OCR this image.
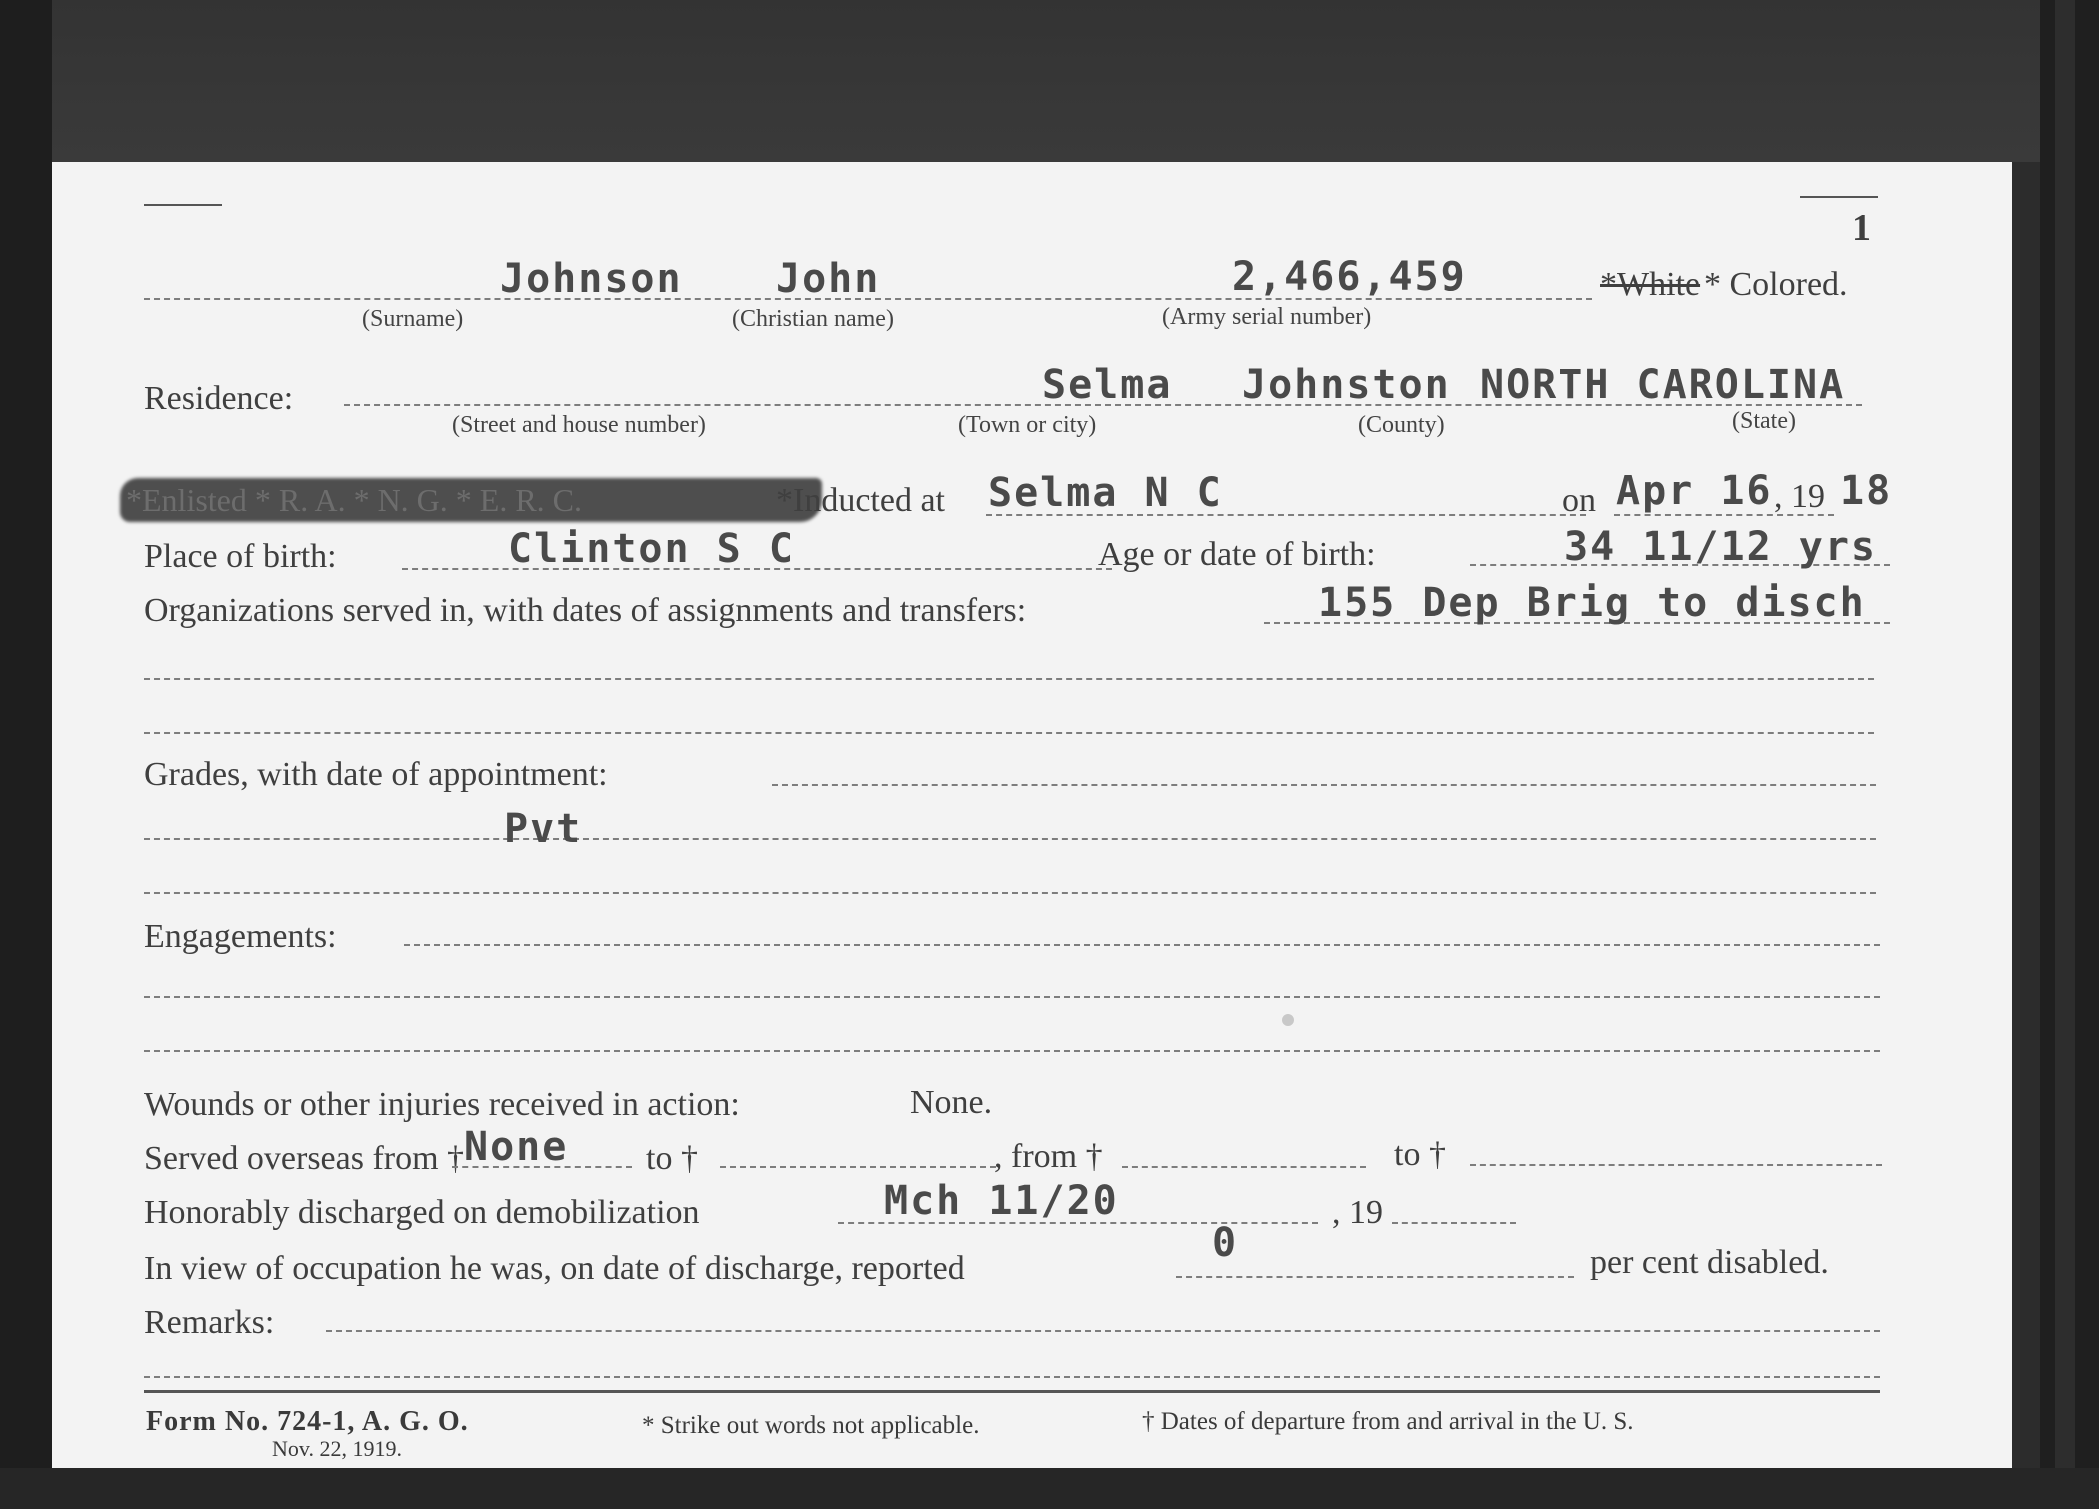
1
Johnson John	2,466,459	*White * Colored.
(Surname)	(Christian name)	(Army serial number)
Residence:	Selma Johnston NORTH CAROLINA
(Street and house number)	(Town or city)	(County)	(State)
*Enlisted * R. A. * N. G. * E. R. C.	*Inducted at Selma N C	on Apr 16 , 19 18
Place of birth:	Clinton S C	Age or date of birth:	34 11/12 yrs
Organizations served in, with dates of assignments and transfers:	155 Dep Brig to disch
Grades, with date of appointment:
Pvt
Engagements:
Wounds or other injuries received in action:	None.
Served overseas from † None to †	, from †	to †
Honorably discharged on demobilization	Mch 11/20	, 19
In view of occupation he was, on date of discharge, reported
0	per cent disabled.
Remarks:
Form No. 724-1, A. G. O.
Nov. 22, 1919.
* Strike out words not applicable.	† Dates of departure from and arrival in the U. S.
